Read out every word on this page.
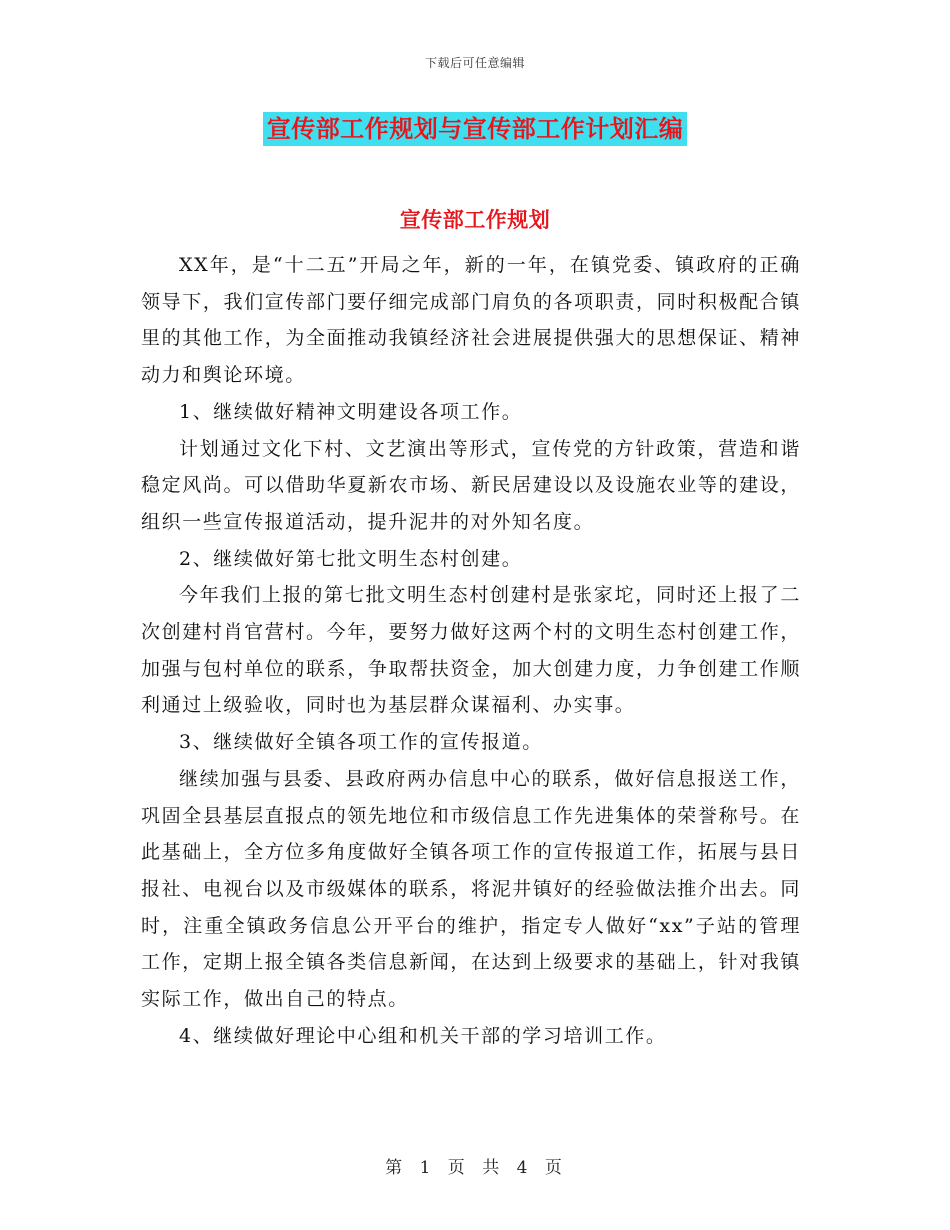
下载后可任意编辑
宣传部工作规划与宣传部工作计划汇编
宣传部工作规划

XX年，是“十二五”开局之年，新的一年，在镇党委、镇政府的正确领导下，我们宣传部门要仔细完成部门肩负的各项职责，同时积极配合镇里的其他工作，为全面推动我镇经济社会进展提供强大的思想保证、精神动力和舆论环境。

1、继续做好精神文明建设各项工作。

计划通过文化下村、文艺演出等形式，宣传党的方针政策，营造和谐稳定风尚。可以借助华夏新农市场、新民居建设以及设施农业等的建设，组织一些宣传报道活动，提升泥井的对外知名度。

2、继续做好第七批文明生态村创建。

今年我们上报的第七批文明生态村创建村是张家坨，同时还上报了二次创建村肖官营村。今年，要努力做好这两个村的文明生态村创建工作，加强与包村单位的联系，争取帮扶资金，加大创建力度，力争创建工作顺利通过上级验收，同时也为基层群众谋福利、办实事。

3、继续做好全镇各项工作的宣传报道。

继续加强与县委、县政府两办信息中心的联系，做好信息报送工作，巩固全县基层直报点的领先地位和市级信息工作先进集体的荣誉称号。在此基础上，全方位多角度做好全镇各项工作的宣传报道工作，拓展与县日报社、电视台以及市级媒体的联系，将泥井镇好的经验做法推介出去。同时，注重全镇政务信息公开平台的维护，指定专人做好“xx”子站的管理工作，定期上报全镇各类信息新闻，在达到上级要求的基础上，针对我镇实际工作，做出自己的特点。

4、继续做好理论中心组和机关干部的学习培训工作。

第 1 页 共 4 页
